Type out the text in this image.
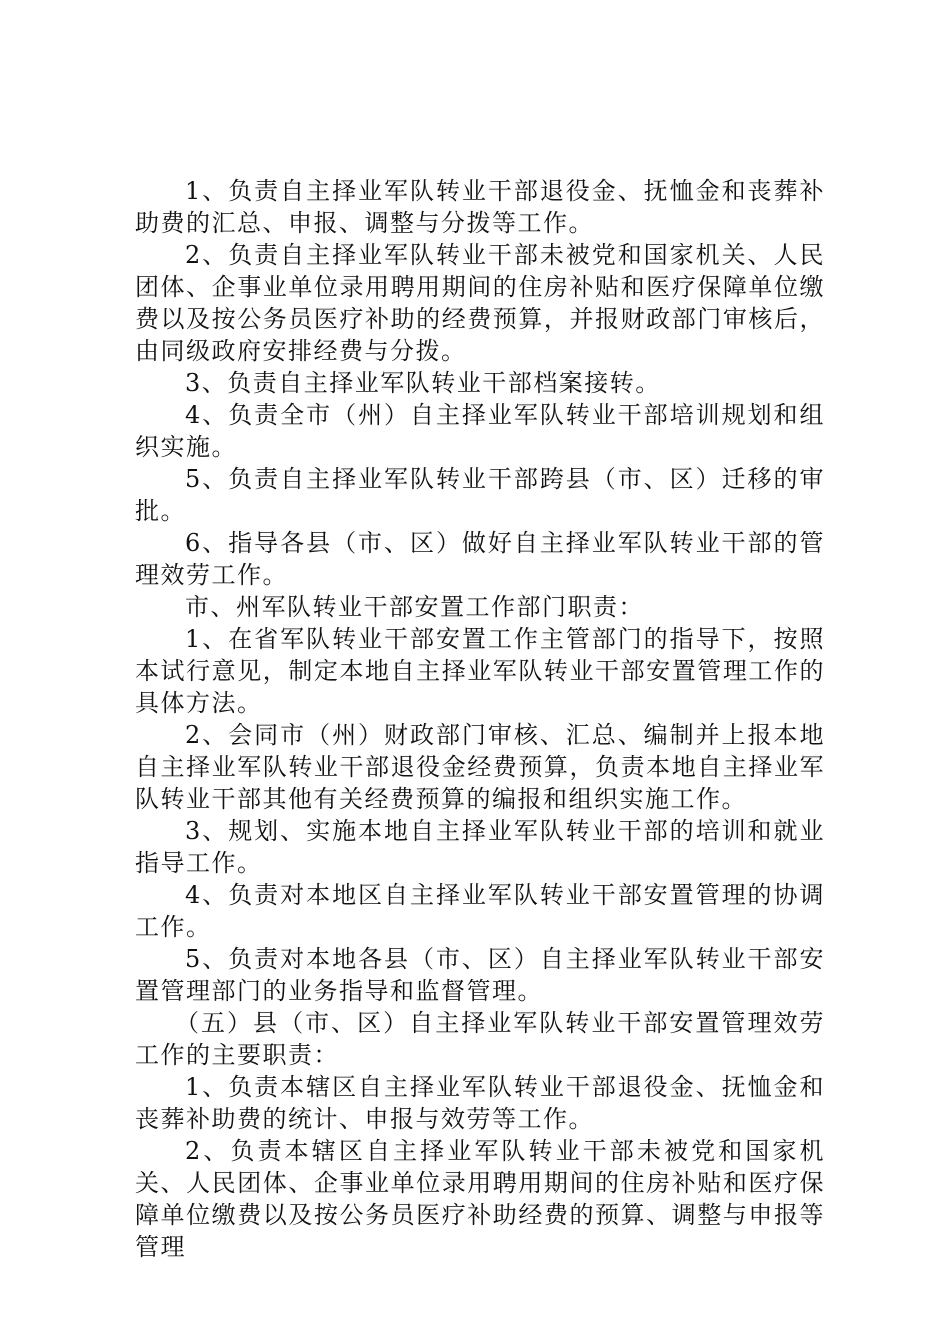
1、负责自主择业军队转业干部退役金、抚恤金和丧葬补助费的汇总、申报、调整与分拨等工作。

2、负责自主择业军队转业干部未被党和国家机关、人民团体、企事业单位录用聘用期间的住房补贴和医疗保障单位缴费以及按公务员医疗补助的经费预算，并报财政部门审核后，由同级政府安排经费与分拨。

3、负责自主择业军队转业干部档案接转。

4、负责全市（州）自主择业军队转业干部培训规划和组织实施。

5、负责自主择业军队转业干部跨县（市、区）迁移的审批。

6、指导各县（市、区）做好自主择业军队转业干部的管理效劳工作。

市、州军队转业干部安置工作部门职责：

1、在省军队转业干部安置工作主管部门的指导下，按照本试行意见，制定本地自主择业军队转业干部安置管理工作的具体方法。

2、会同市（州）财政部门审核、汇总、编制并上报本地自主择业军队转业干部退役金经费预算，负责本地自主择业军队转业干部其他有关经费预算的编报和组织实施工作。

3、规划、实施本地自主择业军队转业干部的培训和就业指导工作。

4、负责对本地区自主择业军队转业干部安置管理的协调工作。

5、负责对本地各县（市、区）自主择业军队转业干部安置管理部门的业务指导和监督管理。

（五）县（市、区）自主择业军队转业干部安置管理效劳工作的主要职责：

1、负责本辖区自主择业军队转业干部退役金、抚恤金和丧葬补助费的统计、申报与效劳等工作。

2、负责本辖区自主择业军队转业干部未被党和国家机关、人民团体、企事业单位录用聘用期间的住房补贴和医疗保障单位缴费以及按公务员医疗补助经费的预算、调整与申报等管理
